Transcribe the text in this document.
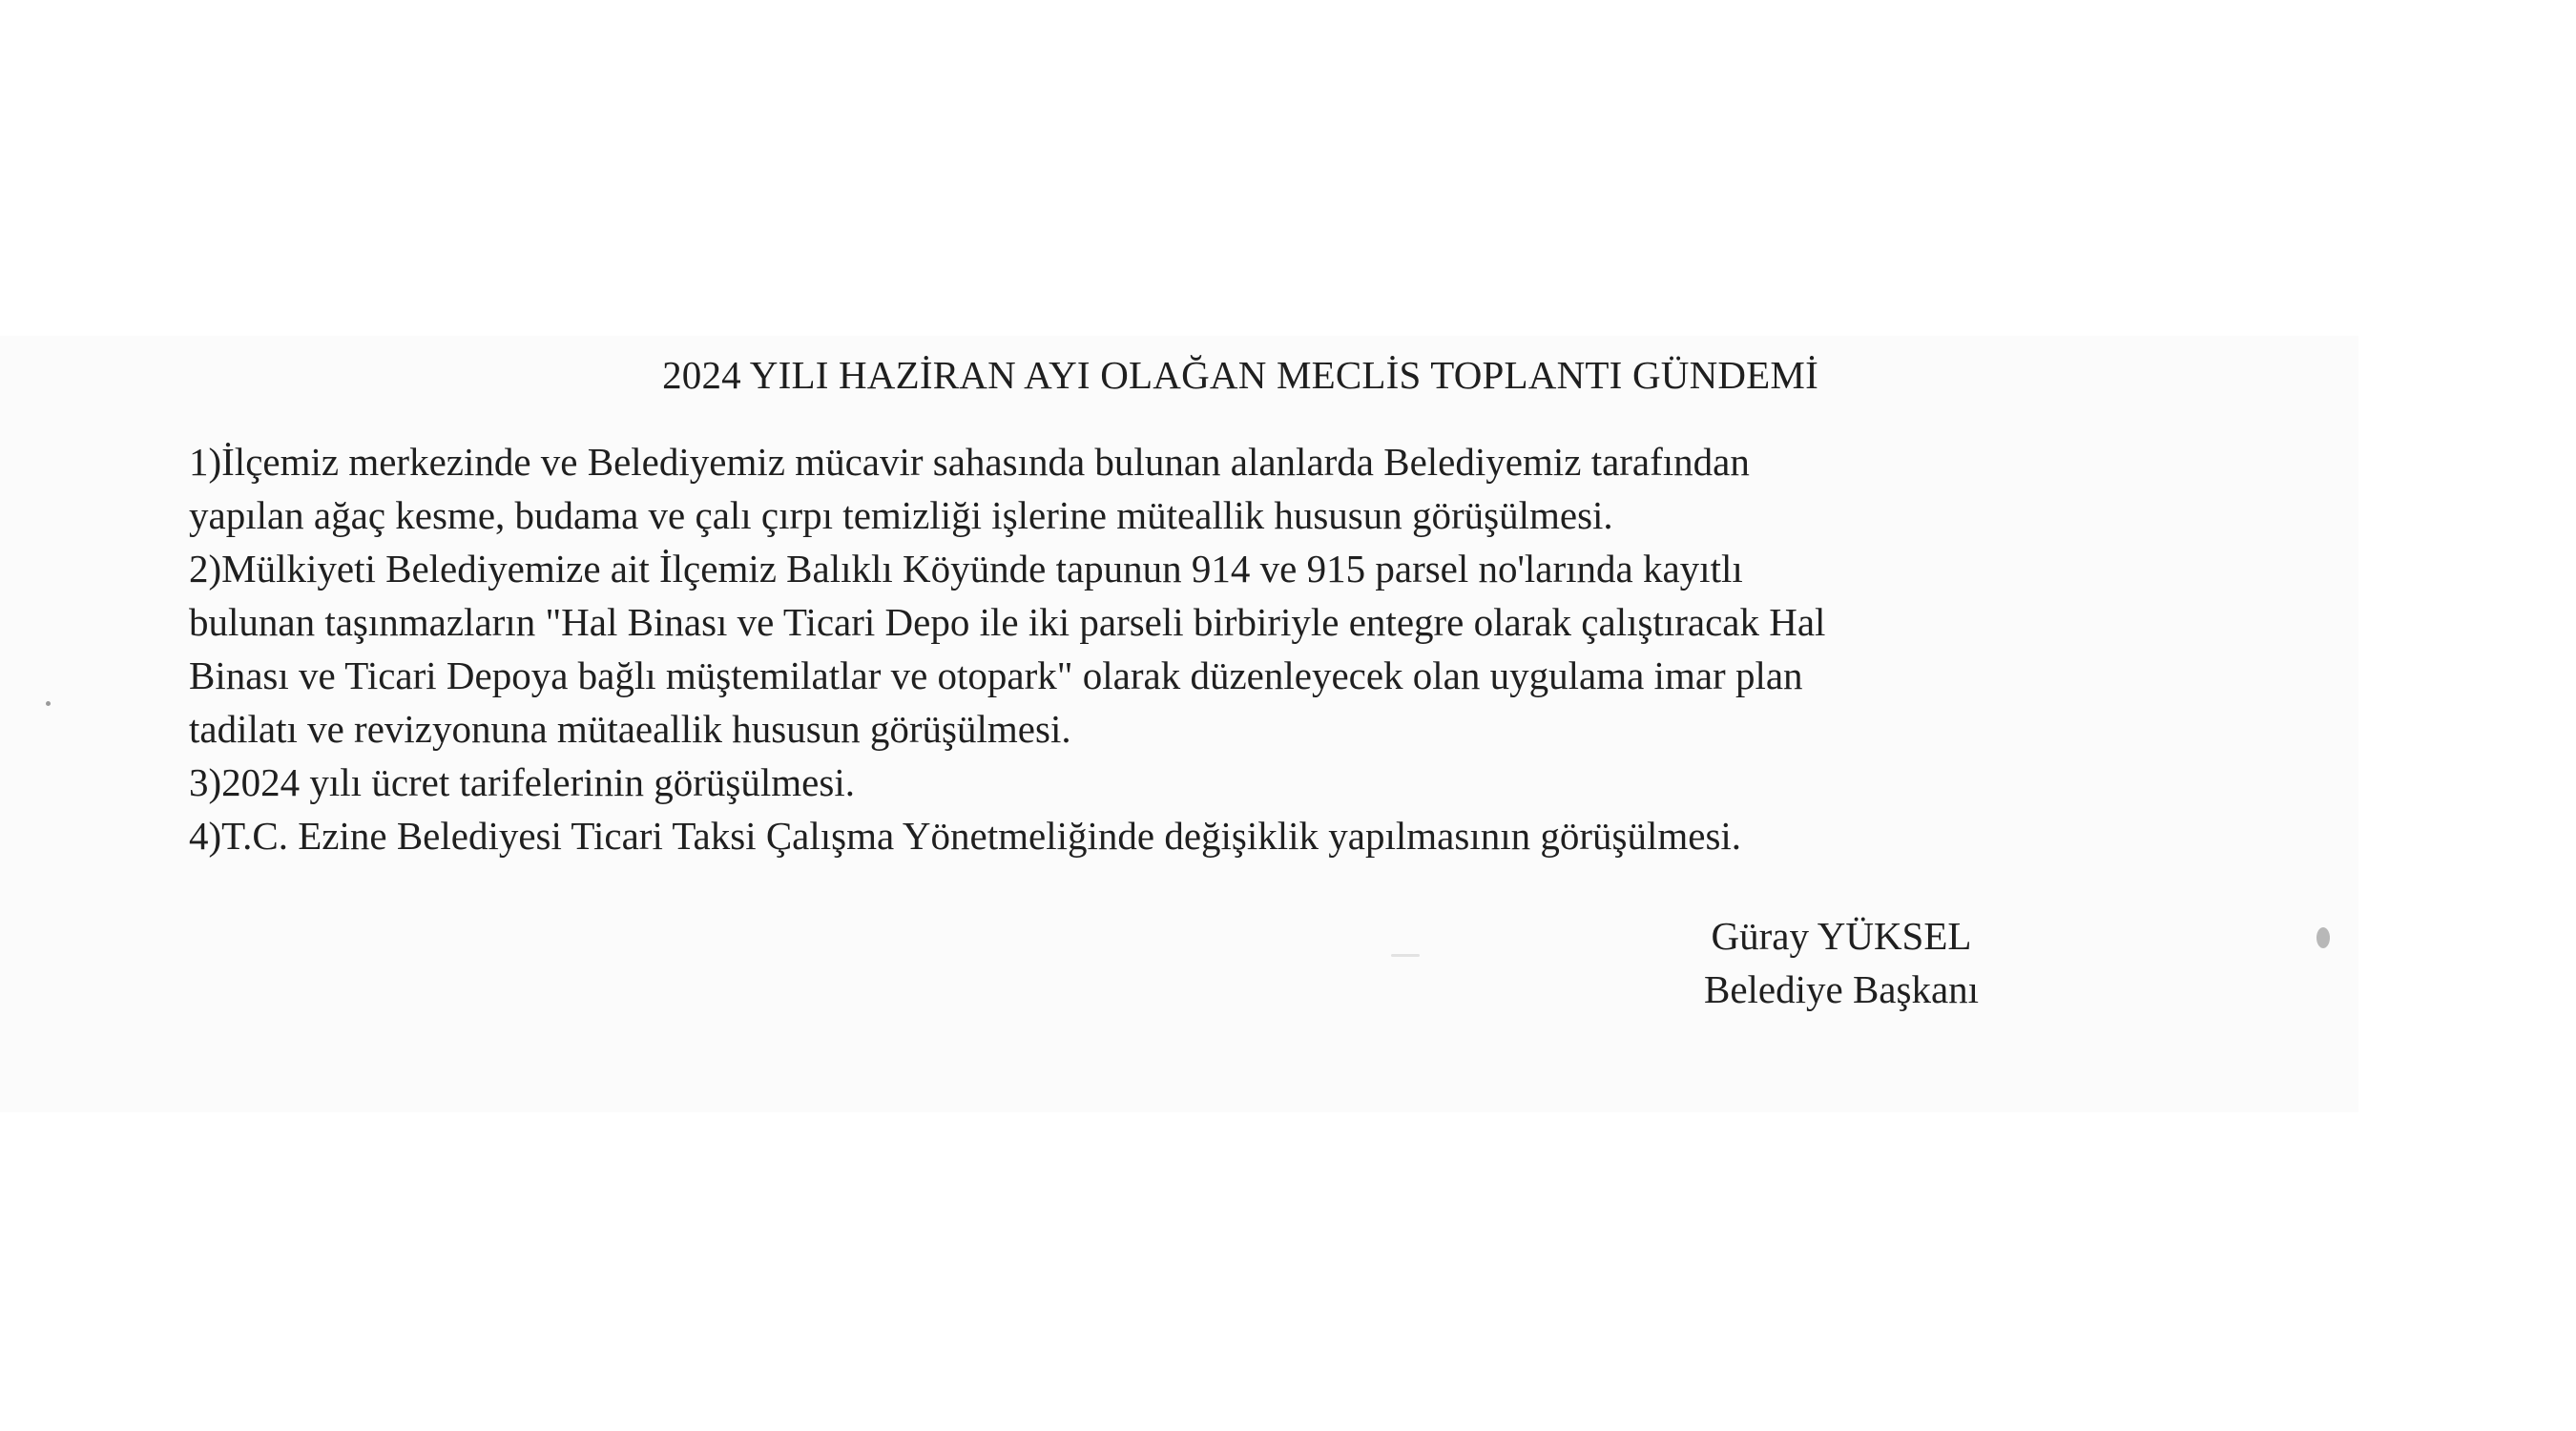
2024 YILI HAZİRAN AYI OLAĞAN MECLİS TOPLANTI GÜNDEMİ

1)İlçemiz merkezinde ve Belediyemiz mücavir sahasında bulunan alanlarda Belediyemiz tarafından

yapılan ağaç kesme, budama ve çalı çırpı temizliği işlerine müteallik hususun görüşülmesi.

2)Mülkiyeti Belediyemize ait İlçemiz Balıklı Köyünde tapunun 914 ve 915 parsel no'larında kayıtlı

bulunan taşınmazların "Hal Binası ve Ticari Depo ile iki parseli birbiriyle entegre olarak çalıştıracak Hal

Binası ve Ticari Depoya bağlı müştemilatlar ve otopark" olarak düzenleyecek olan uygulama imar plan

tadilatı ve revizyonuna mütaeallik hususun görüşülmesi.

3)2024 yılı ücret tarifelerinin görüşülmesi.

4)T.C. Ezine Belediyesi Ticari Taksi Çalışma Yönetmeliğinde değişiklik yapılmasının görüşülmesi.

Güray YÜKSEL
Belediye Başkanı
